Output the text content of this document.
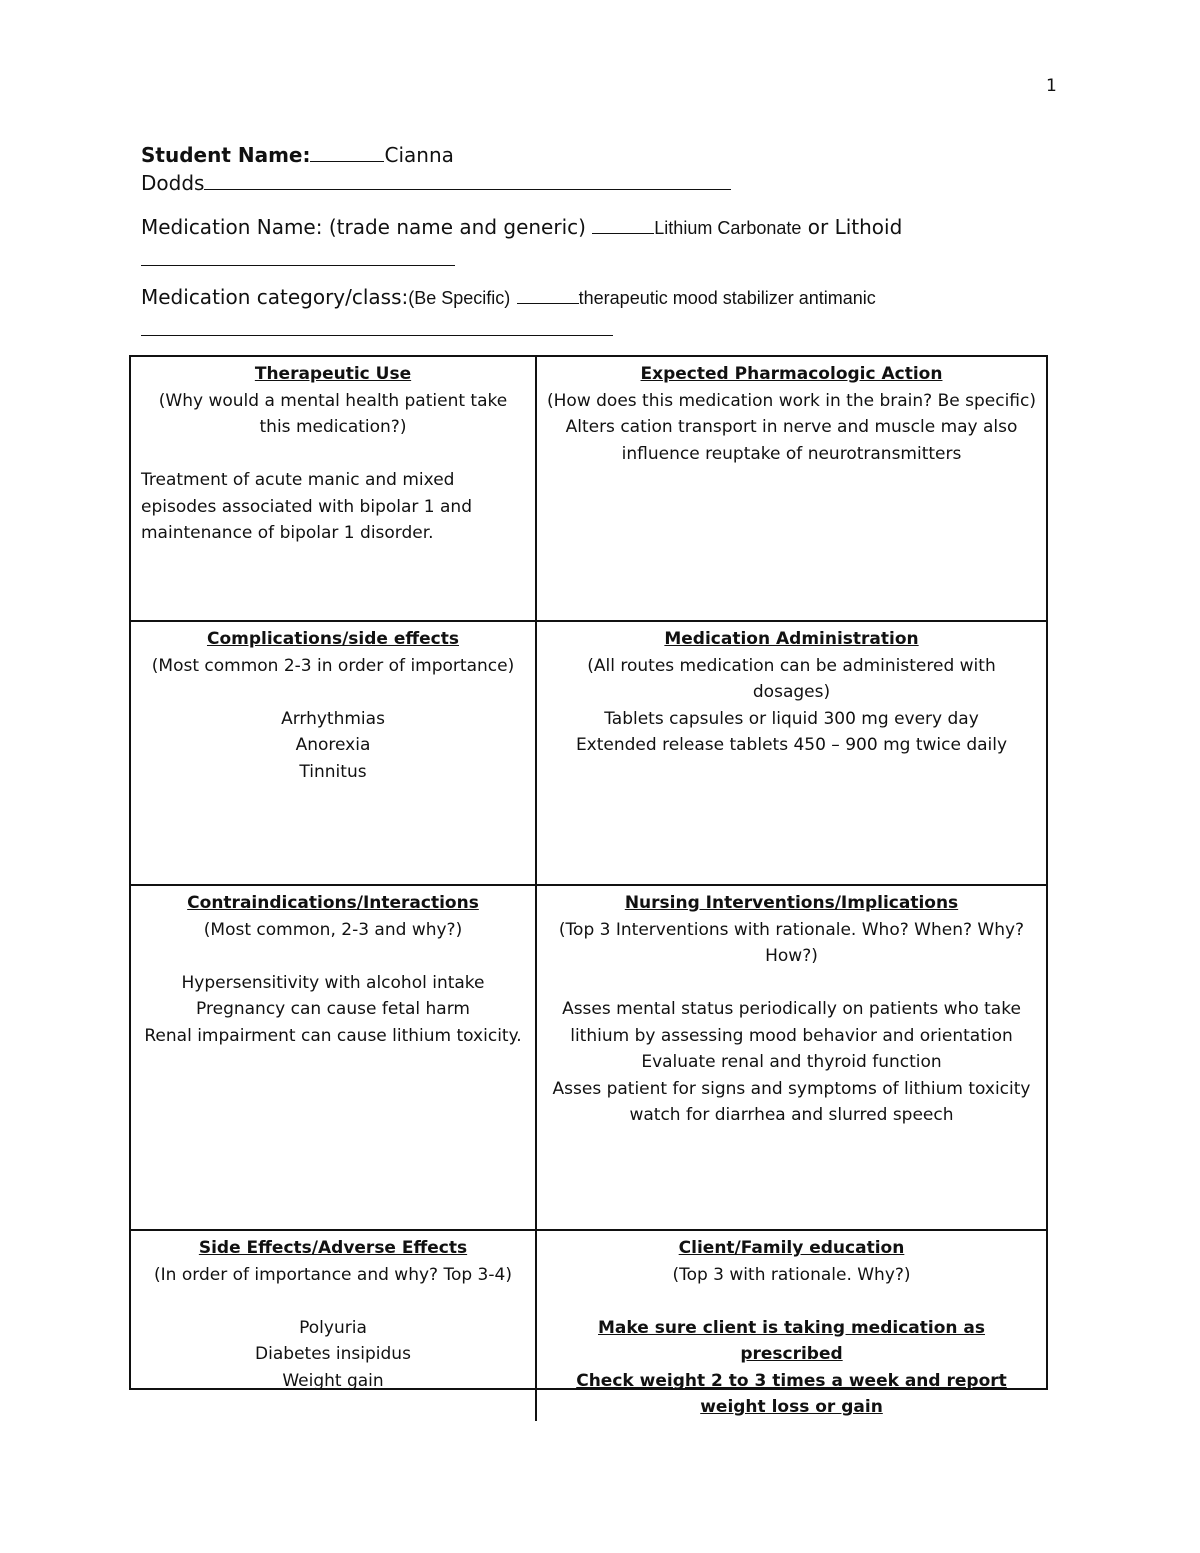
1
Student Name:	Cianna
Dodds
Medication Name: (trade name and generic)	Lithium Carbonate or Lithoid
Medication category/class:(Be Specific)	therapeutic mood stabilizer antimanic
Therapeutic Use
(Why would a mental health patient take this medication?)
Treatment of acute manic and mixed episodes associated with bipolar 1 and maintenance of bipolar 1 disorder.
Expected Pharmacologic Action
(How does this medication work in the brain? Be specific)
Alters cation transport in nerve and muscle may also influence reuptake of neurotransmitters
Complications/side effects
(Most common 2-3 in order of importance)
Arrhythmias
Anorexia
Tinnitus
Medication Administration
(All routes medication can be administered with dosages)
Tablets capsules or liquid 300 mg every day
Extended release tablets 450 – 900 mg twice daily
Contraindications/Interactions
(Most common, 2-3 and why?)
Hypersensitivity with alcohol intake
Pregnancy can cause fetal harm
Renal impairment can cause lithium toxicity.
Nursing Interventions/Implications
(Top 3 Interventions with rationale. Who? When? Why? How?)
Asses mental status periodically on patients who take lithium by assessing mood behavior and orientation
Evaluate renal and thyroid function
Asses patient for signs and symptoms of lithium toxicity watch for diarrhea and slurred speech
Side Effects/Adverse Effects
(In order of importance and why? Top 3-4)
Polyuria
Diabetes insipidus
Weight gain
Client/Family education
(Top 3 with rationale. Why?)
Make sure client is taking medication as prescribed
Check weight 2 to 3 times a week and report weight loss or gain
